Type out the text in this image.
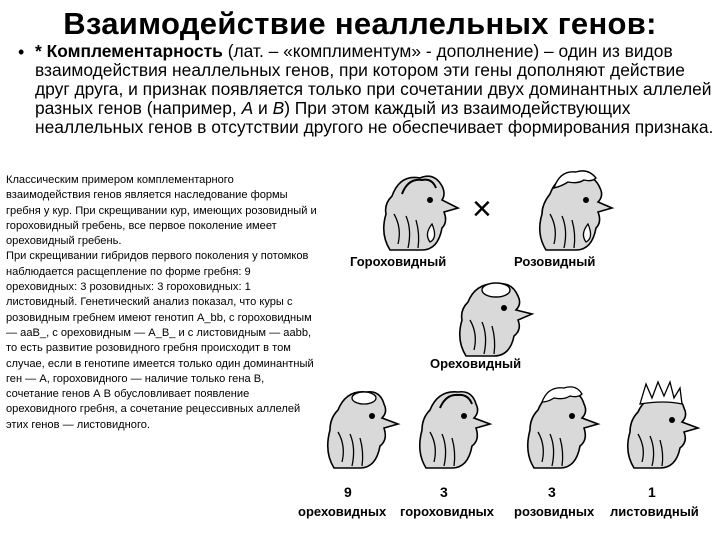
Взаимодействие неаллельных генов:
• * Комплементарность (лат. – «комплиментум» - дополнение) – один из видов взаимодействия неаллельных генов, при котором эти гены дополняют действие друг друга, и признак появляется только при сочетании двух доминантных аллелей разных генов (например, А и В) При этом каждый из взаимодействующих неаллельных генов в отсутствии другого не обеспечивает формирования признака.
Классическим примером комплементарного взаимодействия генов является наследование формы гребня у кур. При скрещивании кур, имеющих розовидный и гороховидный гребень, все первое поколение имеет ореховидный гребень.
При скрещивании гибридов первого поколения у потомков наблюдается расщепление по форме гребня: 9 ореховидных: 3 розовидных: 3 гороховидных: 1 листовидный. Генетический анализ показал, что куры с розовидным гребнем имеют генотип A_bb, с гороховидным — ааВ_, с ореховидным — А_В_ и с листовидным — aabb, то есть развитие розовидного гребня происходит в том случае, если в генотипе имеется только один доминантный ген — А, гороховидного — наличие только гена В, сочетание генов А В обусловливает появление ореховидного гребня, а сочетание рецессивных аллелей этих генов — листовидного.
×
Гороховидный	Розовидный
Ореховидный
9	3	3	1
ореховидных гороховидных розовидных листовидный
